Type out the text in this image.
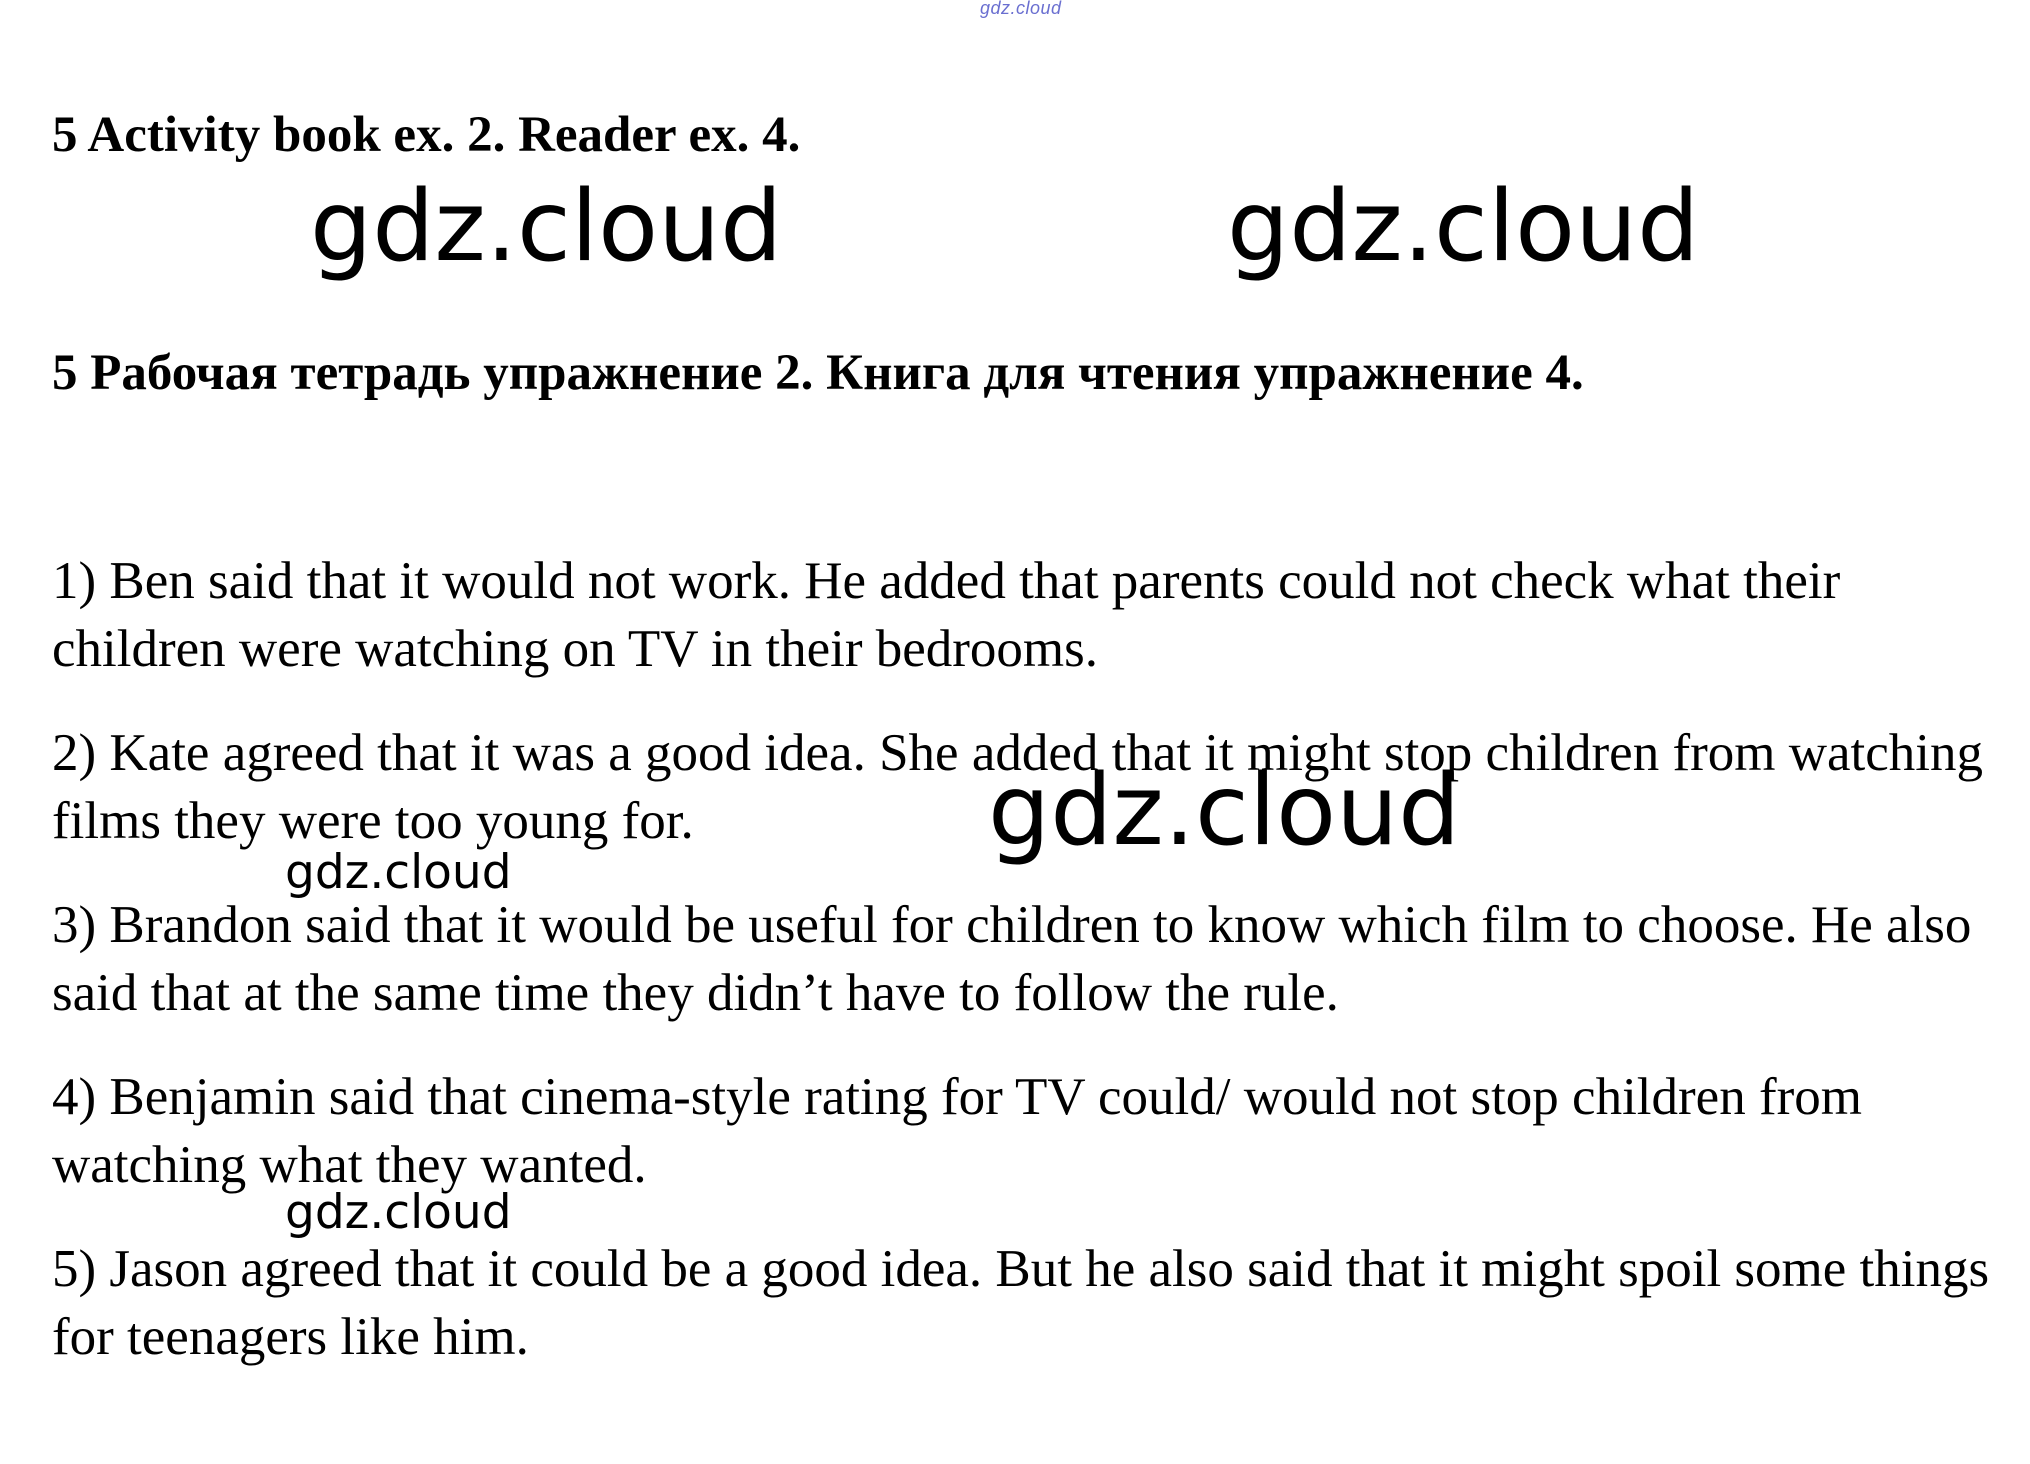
gdz.cloud
5 Activity book ex. 2. Reader ex. 4.
gdz.cloud	gdz.cloud
5 Рабочая тетрадь упражнение 2. Книга для чтения упражнение 4.

1) Ben said that it would not work. He added that parents could not check what their children were watching on TV in their bedrooms.

2) Kate agreed that it was a good idea. She added that it might stop children from watching films they were too young for.

3) Brandon said that it would be useful for children to know which film to choose. He also said that at the same time they didn’t have to follow the rule.

4) Benjamin said that cinema-style rating for TV could/ would not stop children from watching what they wanted.

5) Jason agreed that it could be a good idea. But he also said that it might spoil some things for teenagers like him.

gdz.cloud
gdz.cloud
gdz.cloud
